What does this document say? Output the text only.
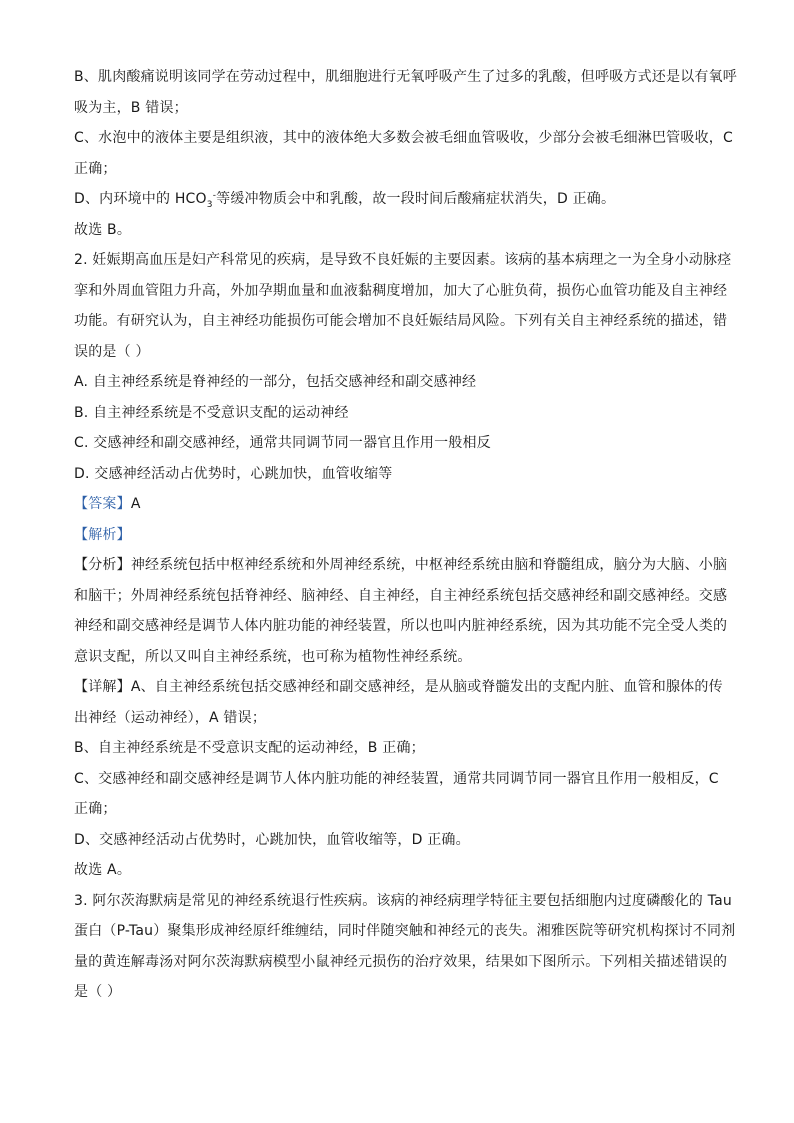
B、肌肉酸痛说明该同学在劳动过程中，肌细胞进行无氧呼吸产生了过多的乳酸，但呼吸方式还是以有氧呼
吸为主，B 错误；
C、水泡中的液体主要是组织液，其中的液体绝大多数会被毛细血管吸收，少部分会被毛细淋巴管吸收，C
正确；
D、内环境中的 $HCO_3^-$等缓冲物质会中和乳酸，故一段时间后酸痛症状消失，D 正确。
故选 B。
2. 妊娠期高血压是妇产科常见的疾病，是导致不良妊娠的主要因素。该病的基本病理之一为全身小动脉痉
挛和外周血管阻力升高，外加孕期血量和血液黏稠度增加，加大了心脏负荷，损伤心血管功能及自主神经
功能。有研究认为，自主神经功能损伤可能会增加不良妊娠结局风险。下列有关自主神经系统的描述，错
误的是（ ）
A. 自主神经系统是脊神经的一部分，包括交感神经和副交感神经
B. 自主神经系统是不受意识支配的运动神经
C. 交感神经和副交感神经，通常共同调节同一器官且作用一般相反
D. 交感神经活动占优势时，心跳加快，血管收缩等
【答案】A
【解析】
【分析】神经系统包括中枢神经系统和外周神经系统，中枢神经系统由脑和脊髓组成，脑分为大脑、小脑
和脑干；外周神经系统包括脊神经、脑神经、自主神经，自主神经系统包括交感神经和副交感神经。交感
神经和副交感神经是调节人体内脏功能的神经装置，所以也叫内脏神经系统，因为其功能不完全受人类的
意识支配，所以又叫自主神经系统，也可称为植物性神经系统。
【详解】A、自主神经系统包括交感神经和副交感神经，是从脑或脊髓发出的支配内脏、血管和腺体的传
出神经（运动神经），A 错误；
B、自主神经系统是不受意识支配的运动神经，B 正确；
C、交感神经和副交感神经是调节人体内脏功能的神经装置，通常共同调节同一器官且作用一般相反，C
正确；
D、交感神经活动占优势时，心跳加快，血管收缩等，D 正确。
故选 A。
3. 阿尔茨海默病是常见的神经系统退行性疾病。该病的神经病理学特征主要包括细胞内过度磷酸化的 Tau
蛋白（P-Tau）聚集形成神经原纤维缠结，同时伴随突触和神经元的丧失。湘雅医院等研究机构探讨不同剂
量的黄连解毒汤对阿尔茨海默病模型小鼠神经元损伤的治疗效果，结果如下图所示。下列相关描述错误的
是（ ）
